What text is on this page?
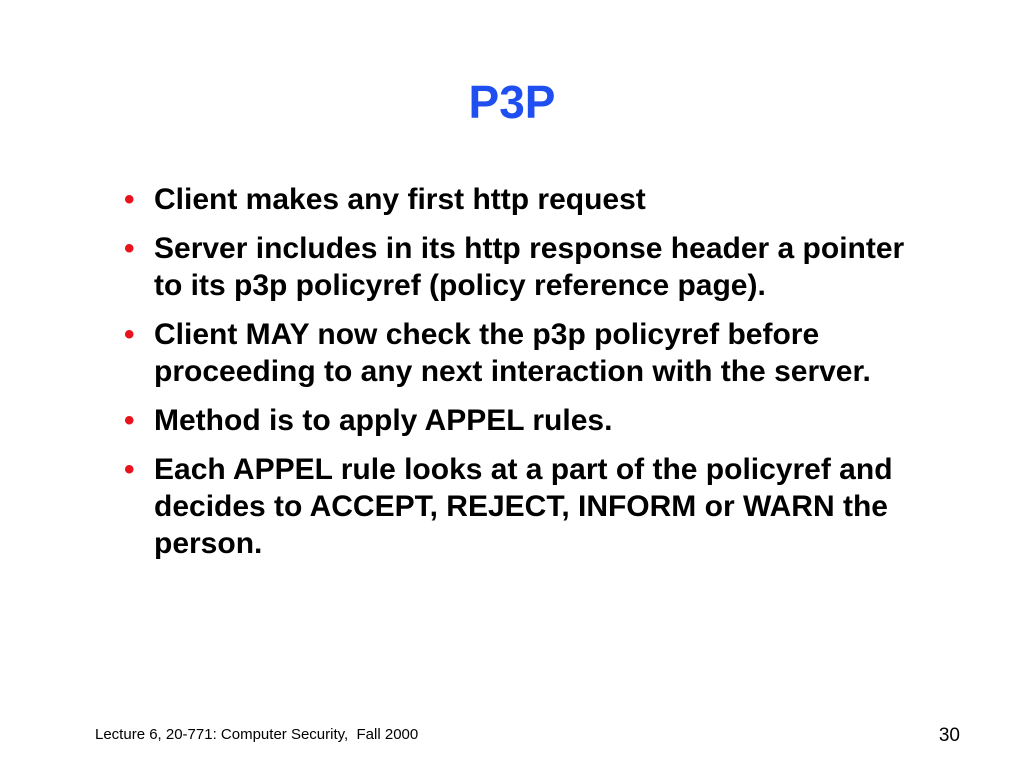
P3P
• Client makes any first http request
• Server includes in its http response header a pointer to its p3p policyref (policy reference page).
• Client MAY now check the p3p policyref before proceeding to any next interaction with the server.
• Method is to apply APPEL rules.
• Each APPEL rule looks at a part of the policyref and decides to ACCEPT, REJECT, INFORM or WARN the person.
Lecture 6, 20-771: Computer Security,  Fall 2000	30
